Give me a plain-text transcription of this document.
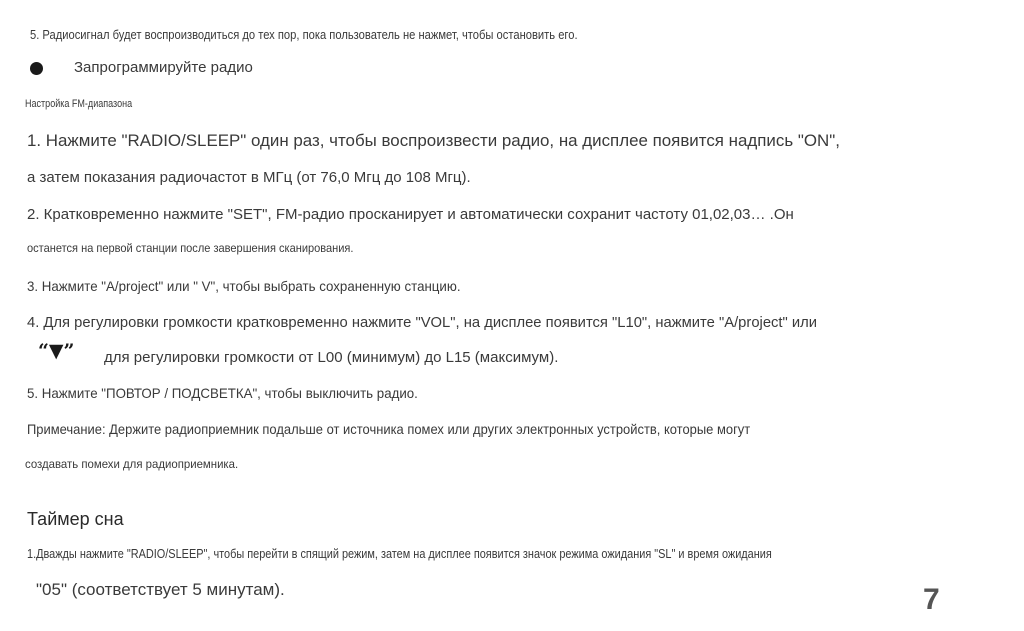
5. Радиосигнал будет воспроизводиться до тех пор, пока пользователь не нажмет, чтобы остановить его.

Запрограммируйте радио

Настройка FM-диапазона

1. Нажмите "RADIO/SLEEP" один раз, чтобы воспроизвести радио, на дисплее появится надпись "ON",

а затем показания радиочастот в МГц (от 76,0 Мгц до 108 Мгц).

2. Кратковременно нажмите "SET", FM-радио просканирует и автоматически сохранит частоту 01,02,03… .Он

останется на первой станции после завершения сканирования.

3. Нажмите "A/project" или " V", чтобы выбрать сохраненную станцию.

4. Для регулировки громкости кратковременно нажмите "VOL", на дисплее появится "L10", нажмите "A/project" или

“▼” для регулировки громкости от L00 (минимум) до L15 (максимум).

5. Нажмите "ПОВТОР / ПОДСВЕТКА", чтобы выключить радио.

Примечание: Держите радиоприемник подальше от источника помех или других электронных устройств, которые могут

создавать помехи для радиоприемника.

Таймер сна

1.Дважды нажмите "RADIO/SLEEP", чтобы перейти в спящий режим, затем на дисплее появится значок режима ожидания "SL" и время ожидания

"05" (соответствует 5 минутам).	7
